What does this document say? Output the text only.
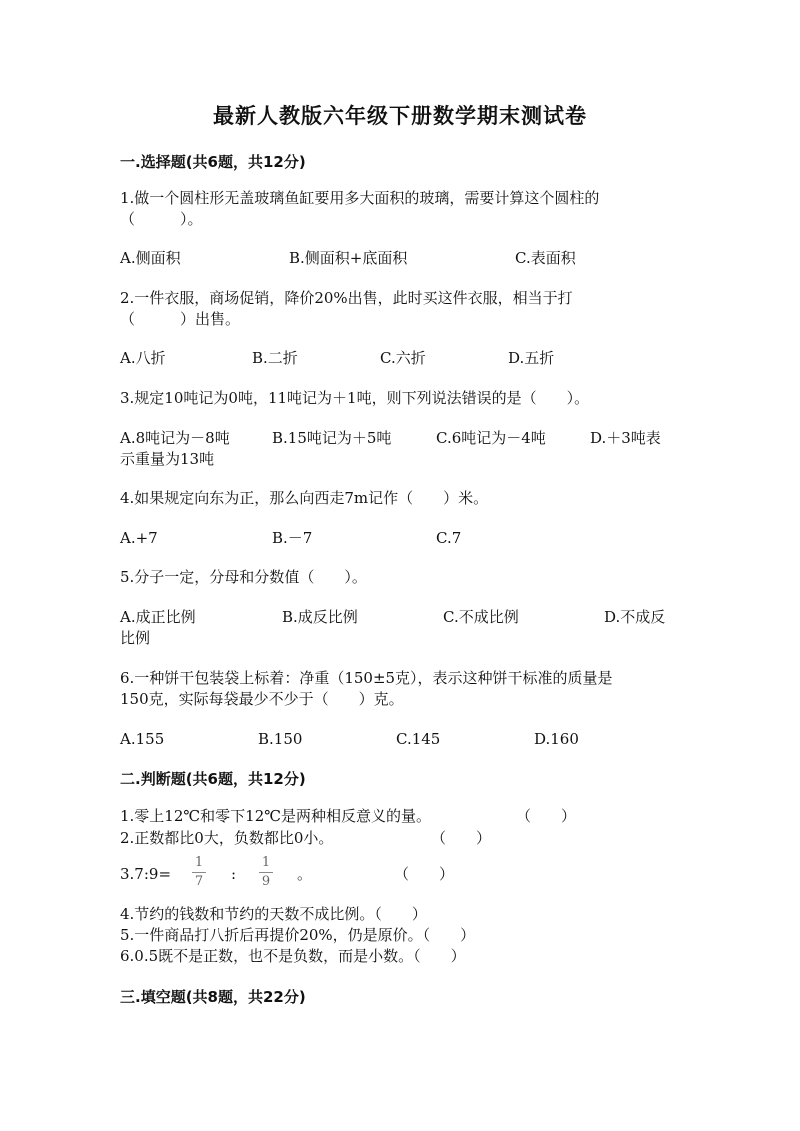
最新人教版六年级下册数学期末测试卷
一.选择题(共6题，共12分)
1.做一个圆柱形无盖玻璃鱼缸要用多大面积的玻璃，需要计算这个圆柱的
（　　　）。
A.侧面积	B.侧面积+底面积	C.表面积
2.一件衣服，商场促销，降价20%出售，此时买这件衣服，相当于打
（　　　）出售。
A.八折	B.二折	C.六折	D.五折
3.规定10吨记为0吨，11吨记为＋1吨，则下列说法错误的是（　　）。
A.8吨记为－8吨	B.15吨记为＋5吨	C.6吨记为－4吨	D.＋3吨表
示重量为13吨
4.如果规定向东为正，那么向西走7m记作（　　）米。
A.+7	B.－7	C.7
5.分子一定，分母和分数值（　　）。
A.成正比例	B.成反比例	C.不成比例	D.不成反
比例
6.一种饼干包装袋上标着：净重（150±5克），表示这种饼干标准的质量是
150克，实际每袋最少不少于（　　）克。
A.155	B.150	C.145	D.160
二.判断题(共6题，共12分)
1.零上12℃和零下12℃是两种相反意义的量。	（　　）
2.正数都比0大，负数都比0小。	（　　）
3.7:9=
1
7 :
1
9 。	（　　）
4.节约的钱数和节约的天数不成比例。（　　）
5.一件商品打八折后再提价20%，仍是原价。（　　）
6.0.5既不是正数，也不是负数，而是小数。（　　）
三.填空题(共8题，共22分)
